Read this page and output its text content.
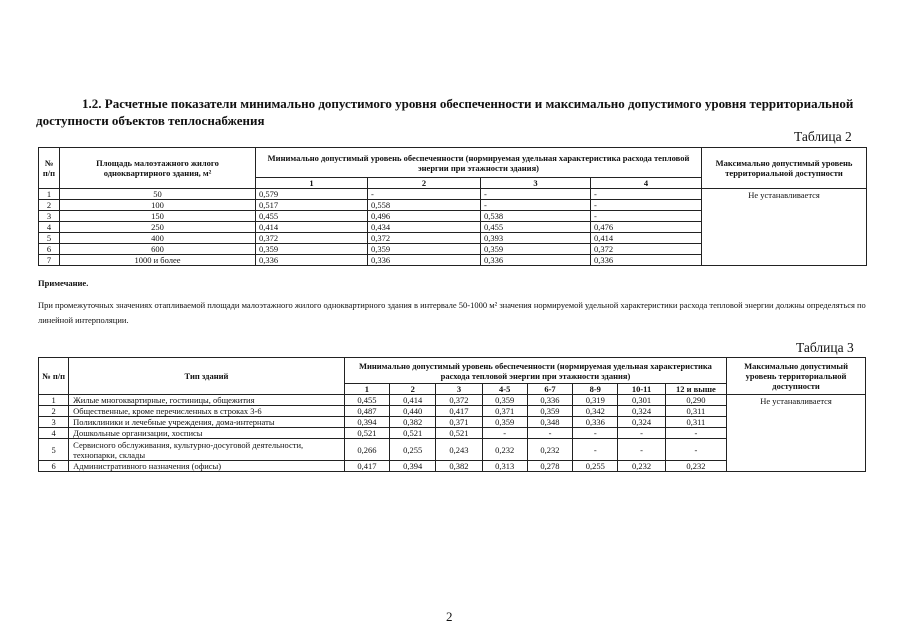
1.2. Расчетные показатели минимально допустимого уровня обеспеченности и максимально допустимого уровня территориальной доступности объектов теплоснабжения
Таблица 2
№ п/п	Площадь малоэтажного жилого одноквартирного здания, м²	Минимально допустимый уровень обеспеченности (нормируемая удельная характеристика расхода тепловой энергии при этажности здания)				Максимально допустимый уровень территориальной доступности
		1	2	3	4	
1	50	0,579	-	-	-	Не устанавливается
2	100	0,517	0,558	-	-	
3	150	0,455	0,496	0,538	-	
4	250	0,414	0,434	0,455	0,476	
5	400	0,372	0,372	0,393	0,414	
6	600	0,359	0,359	0,359	0,372	
7	1000 и более	0,336	0,336	0,336	0,336	
Примечание.
При промежуточных значениях отапливаемой площади малоэтажного жилого одноквартирного здания в интервале 50-1000 м² значения нормируемой удельной характеристики расхода тепловой энергии должны определяться по линейной интерполяции.
Таблица 3
№ п/п	Тип зданий	Минимально допустимый уровень обеспеченности (нормируемая удельная характеристика расхода тепловой энергии при этажности здания)								Максимально допустимый уровень территориальной доступности
		1	2	3	4-5	6-7	8-9	10-11	12 и выше	
1	Жилые многоквартирные, гостиницы, общежития	0,455	0,414	0,372	0,359	0,336	0,319	0,301	0,290	Не устанавливается
2	Общественные, кроме перечисленных в строках 3-6	0,487	0,440	0,417	0,371	0,359	0,342	0,324	0,311	
3	Поликлиники и лечебные учреждения, дома-интернаты	0,394	0,382	0,371	0,359	0,348	0,336	0,324	0,311	
4	Дошкольные организации, хосписы	0,521	0,521	0,521	-	-	-	-	-	
5	Сервисного обслуживания, культурно-досуговой деятельности, технопарки, склады	0,266	0,255	0,243	0,232	0,232	-	-	-	
6	Административного назначения (офисы)	0,417	0,394	0,382	0,313	0,278	0,255	0,232	0,232	
2
